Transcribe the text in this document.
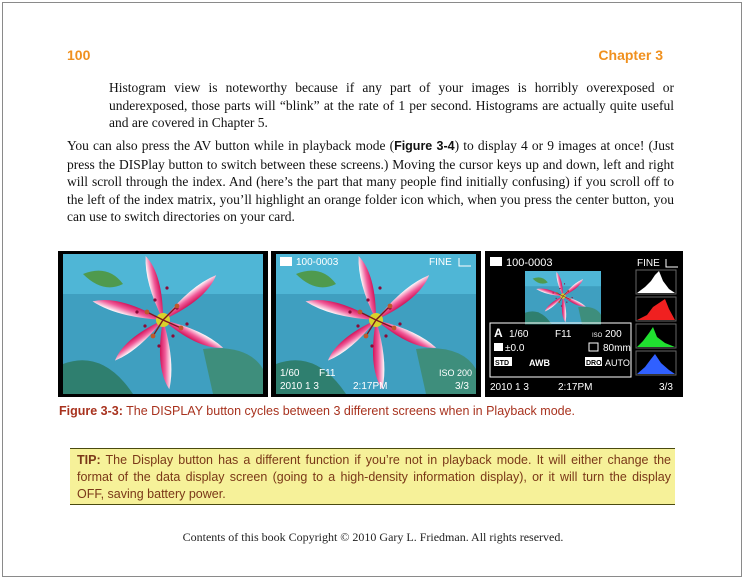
100	Chapter 3

Histogram view is noteworthy because if any part of your images is horribly overexposed or underexposed, those parts will “blink” at the rate of 1 per second. Histograms are actually quite useful and are covered in Chapter 5.

You can also press the AV button while in playback mode (Figure 3-4) to display 4 or 9 images at once! (Just press the DISPlay button to switch between these screens.) Moving the cursor keys up and down, left and right will scroll through the index. And (here’s the part that many people find initially confusing) if you scroll off to the left of the index matrix, you’ll highlight an orange folder icon which, when you press the center button, you can use to switch directories on your card.

100-0003	FINE
1/60 F11	ISO 200
2010 1 3	2:17PM	3/3
100-0003	FINE
A 1/60	F11	ISO 200
±0.0	80mm
STD AWB	DRO AUTO
2010 1 3	2:17PM	3/3
Figure 3-3: The DISPLAY button cycles between 3 different screens when in Playback mode.
TIP: The Display button has a different function if you’re not in playback mode. It will either change the format of the data display screen (going to a high-density information display), or it will turn the display OFF, saving battery power.
Contents of this book Copyright © 2010 Gary L. Friedman. All rights reserved.
